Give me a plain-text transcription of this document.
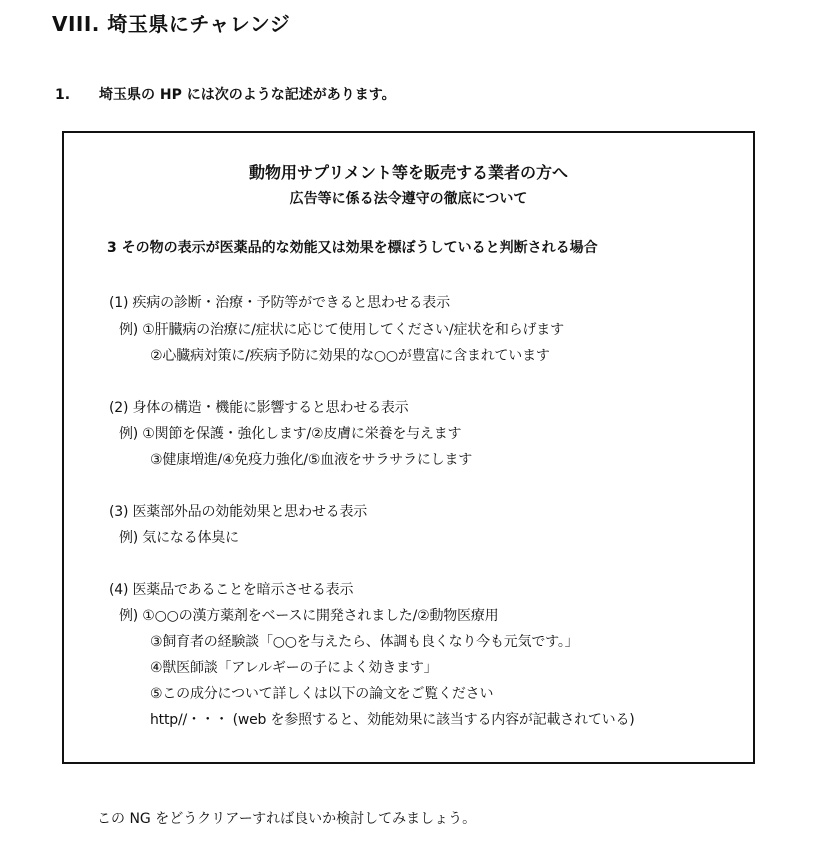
VIII. 埼玉県にチャレンジ
1. 埼玉県の HP には次のような記述があります。
動物用サプリメント等を販売する業者の方へ
広告等に係る法令遵守の徹底について
3 その物の表示が医薬品的な効能又は効果を標ぼうしていると判断される場合
(1) 疾病の診断・治療・予防等ができると思わせる表示
例) ①肝臓病の治療に/症状に応じて使用してください/症状を和らげます
②心臓病対策に/疾病予防に効果的な○○が豊富に含まれています
(2) 身体の構造・機能に影響すると思わせる表示
例) ①関節を保護・強化します/②皮膚に栄養を与えます
③健康増進/④免疫力強化/⑤血液をサラサラにします
(3) 医薬部外品の効能効果と思わせる表示
例) 気になる体臭に
(4) 医薬品であることを暗示させる表示
例) ①○○の漢方薬剤をベースに開発されました/②動物医療用
③飼育者の経験談「○○を与えたら、体調も良くなり今も元気です。」
④獣医師談「アレルギーの子によく効きます」
⑤この成分について詳しくは以下の論文をご覧ください
http//・・・ (web を参照すると、効能効果に該当する内容が記載されている)
この NG をどうクリアーすれば良いか検討してみましょう。
